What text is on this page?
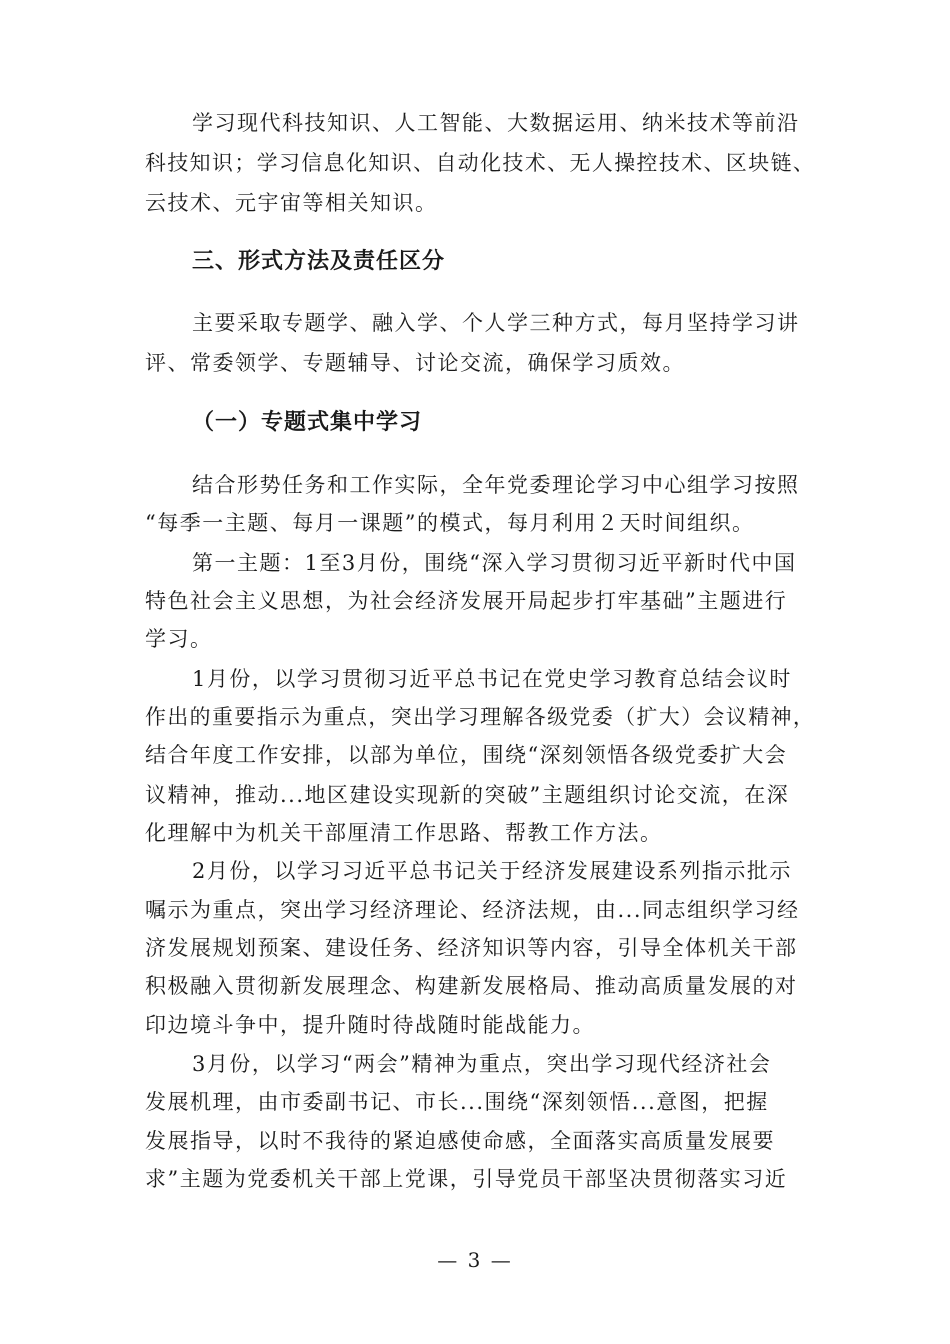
— 3 —
学习现代科技知识、人工智能、大数据运用、纳米技术等前沿
科技知识；学习信息化知识、自动化技术、无人操控技术、区块链、
云技术、元宇宙等相关知识。
三、形式方法及责任区分
主要采取专题学、融入学、个人学三种方式，每月坚持学习讲
评、常委领学、专题辅导、讨论交流，确保学习质效。
（一）专题式集中学习
结合形势任务和工作实际，全年党委理论学习中心组学习按照
“每季一主题、每月一课题”的模式，每月利用２天时间组织。
第一主题：1至3月份，围绕“深入学习贯彻习近平新时代中国
特色社会主义思想，为社会经济发展开局起步打牢基础”主题进行
学习。
1月份，以学习贯彻习近平总书记在党史学习教育总结会议时
作出的重要指示为重点，突出学习理解各级党委（扩大）会议精神，
结合年度工作安排，以部为单位，围绕“深刻领悟各级党委扩大会
议精神，推动...地区建设实现新的突破”主题组织讨论交流，在深
化理解中为机关干部厘清工作思路、帮教工作方法。
2月份，以学习习近平总书记关于经济发展建设系列指示批示
嘱示为重点，突出学习经济理论、经济法规，由...同志组织学习经
济发展规划预案、建设任务、经济知识等内容，引导全体机关干部
积极融入贯彻新发展理念、构建新发展格局、推动高质量发展的对
印边境斗争中，提升随时待战随时能战能力。
3月份，以学习“两会”精神为重点，突出学习现代经济社会
发展机理，由市委副书记、市长...围绕“深刻领悟...意图，把握
发展指导，以时不我待的紧迫感使命感，全面落实高质量发展要
求”主题为党委机关干部上党课，引导党员干部坚决贯彻落实习近
